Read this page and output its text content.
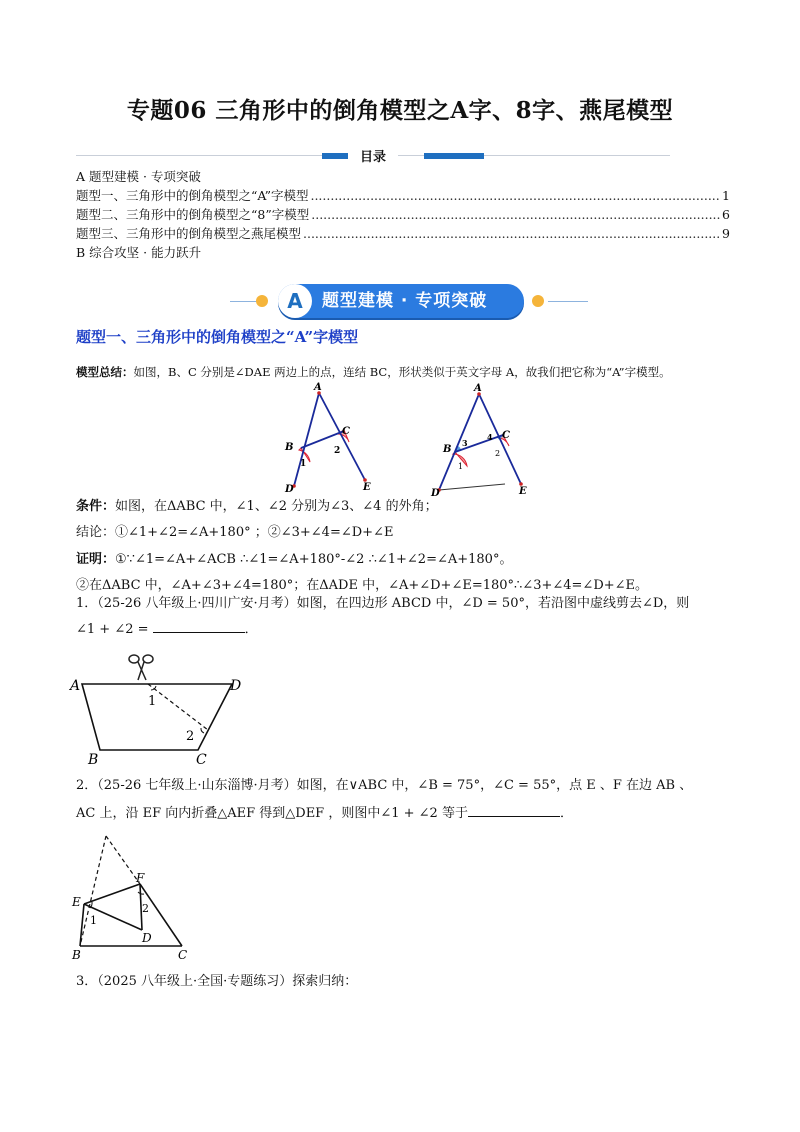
专题06 三角形中的倒角模型之A字、8字、燕尾模型
目录
A 题型建模 · 专项突破
题型一、三角形中的倒角模型之“A”字模型 .....	1
题型二、三角形中的倒角模型之“8”字模型 .....	6
题型三、三角形中的倒角模型之燕尾模型 .....	9
B 综合攻坚 · 能力跃升
A	题型建模 · 专项突破
题型一、三角形中的倒角模型之“A”字模型
模型总结：如图，B、C 分别是∠DAE 两边上的点，连结 BC，形状类似于英文字母 A，故我们把它称为“A”字模型。
A
B
C
D	E
1
2
A
B
C
D	E
3
4
1
2
条件：如图，在ΔABC 中，∠1、∠2 分别为∠3、∠4 的外角；
结论：①∠1+∠2=∠A+180° ；②∠3+∠4=∠D+∠E
证明：①∵∠1=∠A+∠ACB ∴∠1=∠A+180°-∠2 ∴∠1+∠2=∠A+180°。
②在ΔABC 中，∠A+∠3+∠4=180°；在ΔADE 中，∠A+∠D+∠E=180°∴∠3+∠4=∠D+∠E。
1．（25-26 八年级上·四川广安·月考）如图，在四边形 ABCD 中，∠D = 50°，若沿图中虚线剪去∠D，则
∠1 + ∠2 =	．
A	D
B	C
1
2
2．（25-26 七年级上·山东淄博·月考）如图，在∨ABC 中，∠B = 75°，∠C = 55°，点 E 、F 在边 AB 、
AC 上，沿 EF 向内折叠△AEF 得到△DEF ，则图中∠1 + ∠2 等于	．
C
B
E
F
D
1
2
3．（2025 八年级上·全国·专题练习）探索归纳：
